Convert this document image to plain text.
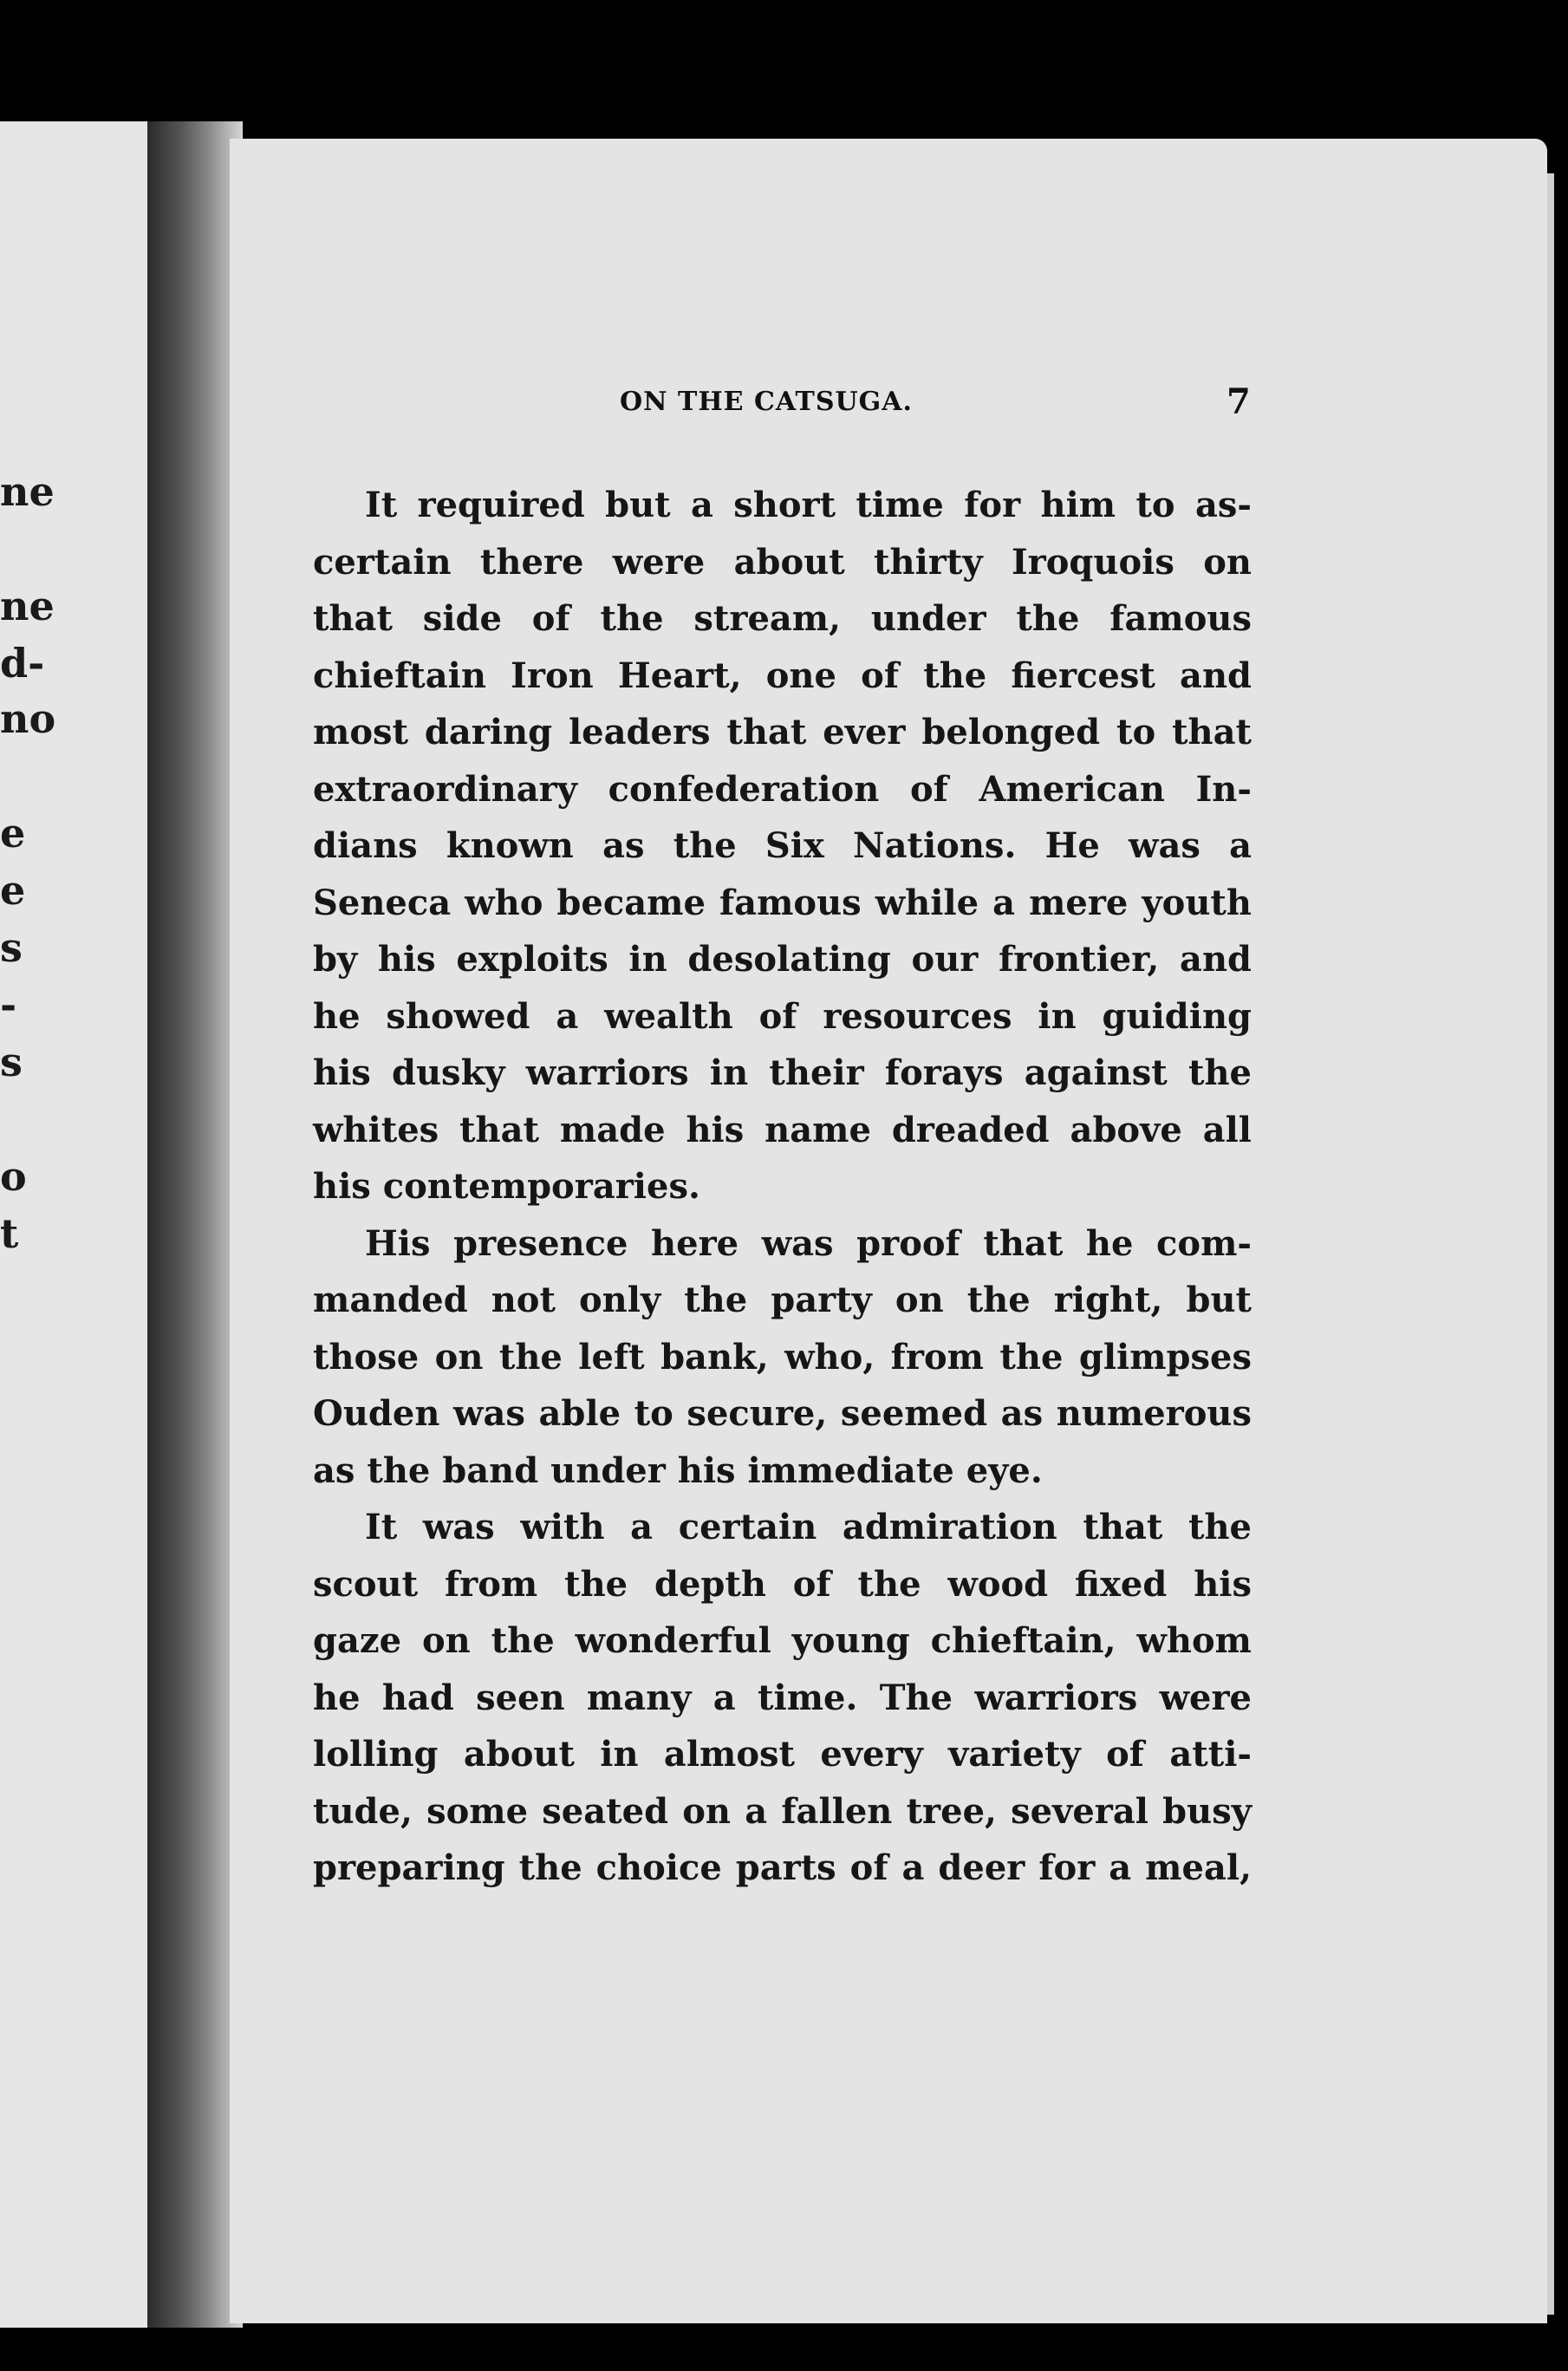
ne
ne
d-
no
e
e
s
-
s
o
t
ON THE CATSUGA.	7
It required but a short time for him to as-
certain there were about thirty Iroquois on
that side of the stream, under the famous
chieftain Iron Heart, one of the fiercest and
most daring leaders that ever belonged to that
extraordinary confederation of American In-
dians known as the Six Nations. He was a
Seneca who became famous while a mere youth
by his exploits in desolating our frontier, and
he showed a wealth of resources in guiding
his dusky warriors in their forays against the
whites that made his name dreaded above all
his contemporaries.
His presence here was proof that he com-
manded not only the party on the right, but
those on the left bank, who, from the glimpses
Ouden was able to secure, seemed as numerous
as the band under his immediate eye.
It was with a certain admiration that the
scout from the depth of the wood fixed his
gaze on the wonderful young chieftain, whom
he had seen many a time. The warriors were
lolling about in almost every variety of atti-
tude, some seated on a fallen tree, several busy
preparing the choice parts of a deer for a meal,
